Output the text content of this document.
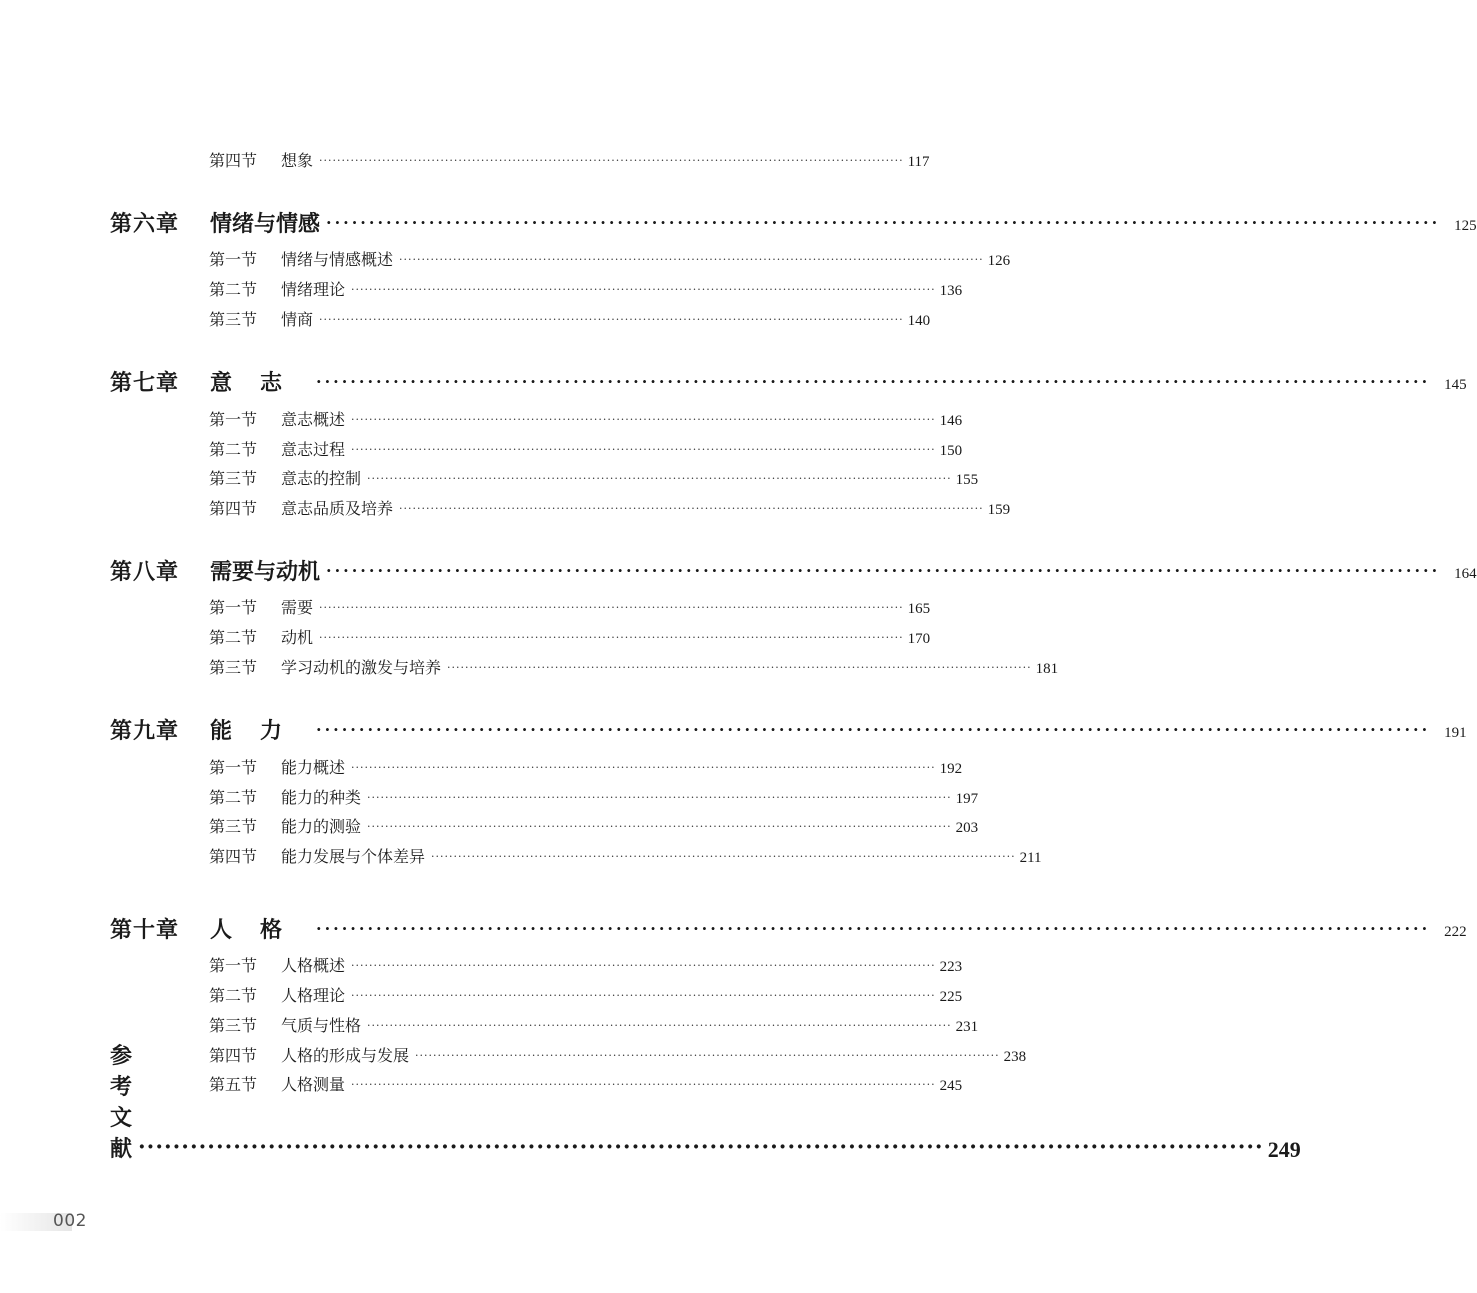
第四节	想象 ·································································································································· 117
第六章	情绪与情感 ·································································································································· 125
第一节	情绪与情感概述 ·································································································································· 126
第二节	情绪理论 ·································································································································· 136
第三节	情商 ·································································································································· 140
第七章	意志 ·································································································································· 145
第一节	意志概述 ·································································································································· 146
第二节	意志过程 ·································································································································· 150
第三节	意志的控制 ·································································································································· 155
第四节	意志品质及培养 ·································································································································· 159
第八章	需要与动机 ·································································································································· 164
第一节	需要 ·································································································································· 165
第二节	动机 ·································································································································· 170
第三节	学习动机的激发与培养 ·································································································································· 181
第九章	能力 ·································································································································· 191
第一节	能力概述 ·································································································································· 192
第二节	能力的种类 ·································································································································· 197
第三节	能力的测验 ·································································································································· 203
第四节	能力发展与个体差异 ·································································································································· 211
第十章	人格 ·································································································································· 222
第一节	人格概述 ·································································································································· 223
第二节	人格理论 ·································································································································· 225
第三节	气质与性格 ·································································································································· 231
第四节	人格的形成与发展 ·································································································································· 238
第五节	人格测量 ·································································································································· 245
参考文献 ·································································································································· 249
002
